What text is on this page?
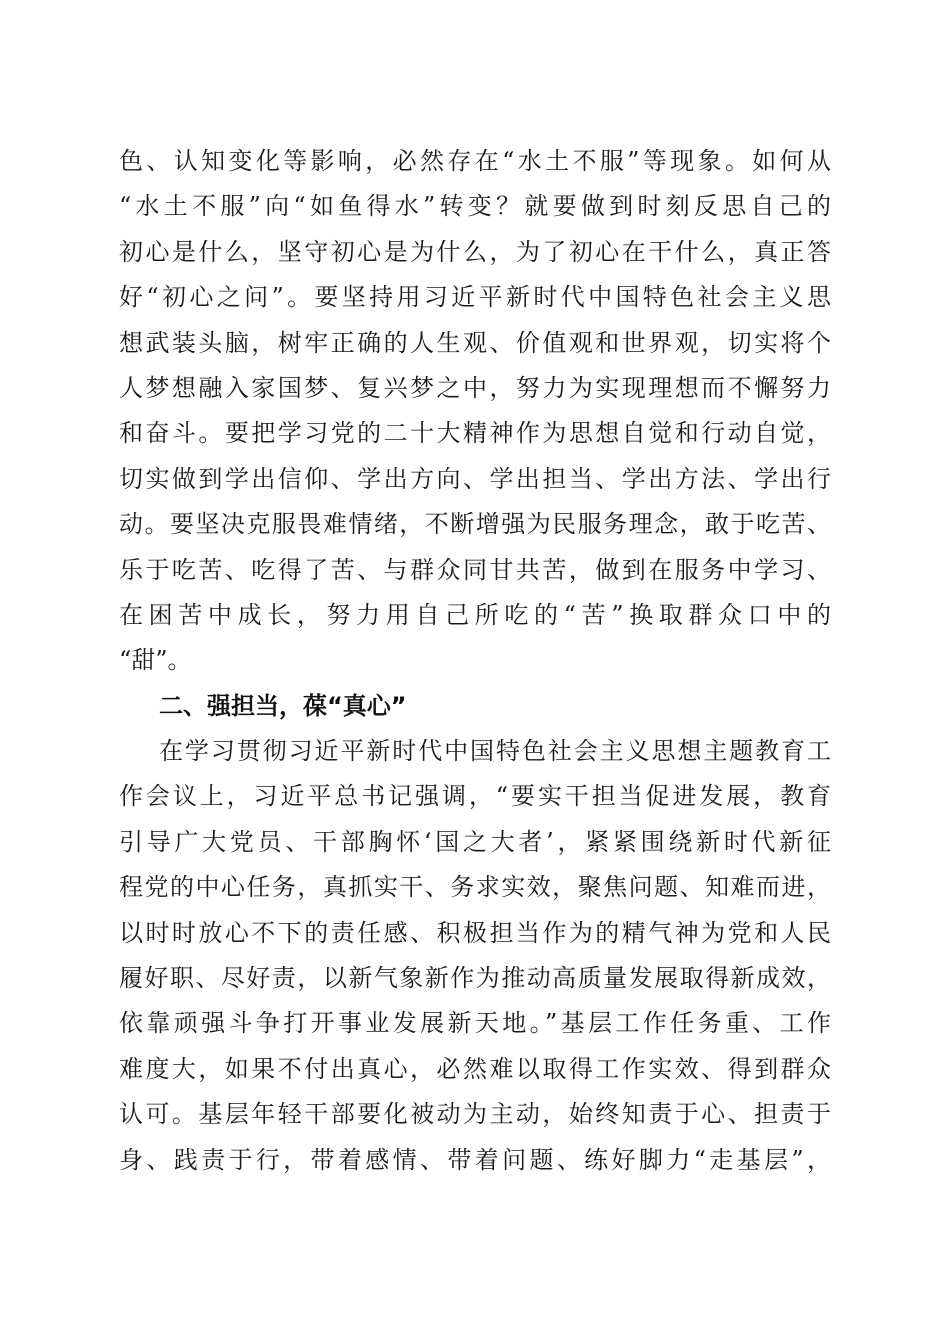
色、认知变化等影响，必然存在“水土不服”等现象。如何从
“水土不服”向“如鱼得水”转变？就要做到时刻反思自己的
初心是什么，坚守初心是为什么，为了初心在干什么，真正答
好“初心之问”。要坚持用习近平新时代中国特色社会主义思
想武装头脑，树牢正确的人生观、价值观和世界观，切实将个
人梦想融入家国梦、复兴梦之中，努力为实现理想而不懈努力
和奋斗。要把学习党的二十大精神作为思想自觉和行动自觉，
切实做到学出信仰、学出方向、学出担当、学出方法、学出行
动。要坚决克服畏难情绪，不断增强为民服务理念，敢于吃苦、
乐于吃苦、吃得了苦、与群众同甘共苦，做到在服务中学习、
在困苦中成长，努力用自己所吃的“苦”换取群众口中的
“甜”。
二、强担当，葆“真心”
在学习贯彻习近平新时代中国特色社会主义思想主题教育工
作会议上，习近平总书记强调，“要实干担当促进发展，教育
引导广大党员、干部胸怀‘国之大者’，紧紧围绕新时代新征
程党的中心任务，真抓实干、务求实效，聚焦问题、知难而进，
以时时放心不下的责任感、积极担当作为的精气神为党和人民
履好职、尽好责，以新气象新作为推动高质量发展取得新成效，
依靠顽强斗争打开事业发展新天地。”基层工作任务重、工作
难度大，如果不付出真心，必然难以取得工作实效、得到群众
认可。基层年轻干部要化被动为主动，始终知责于心、担责于
身、践责于行，带着感情、带着问题、练好脚力“走基层”，
